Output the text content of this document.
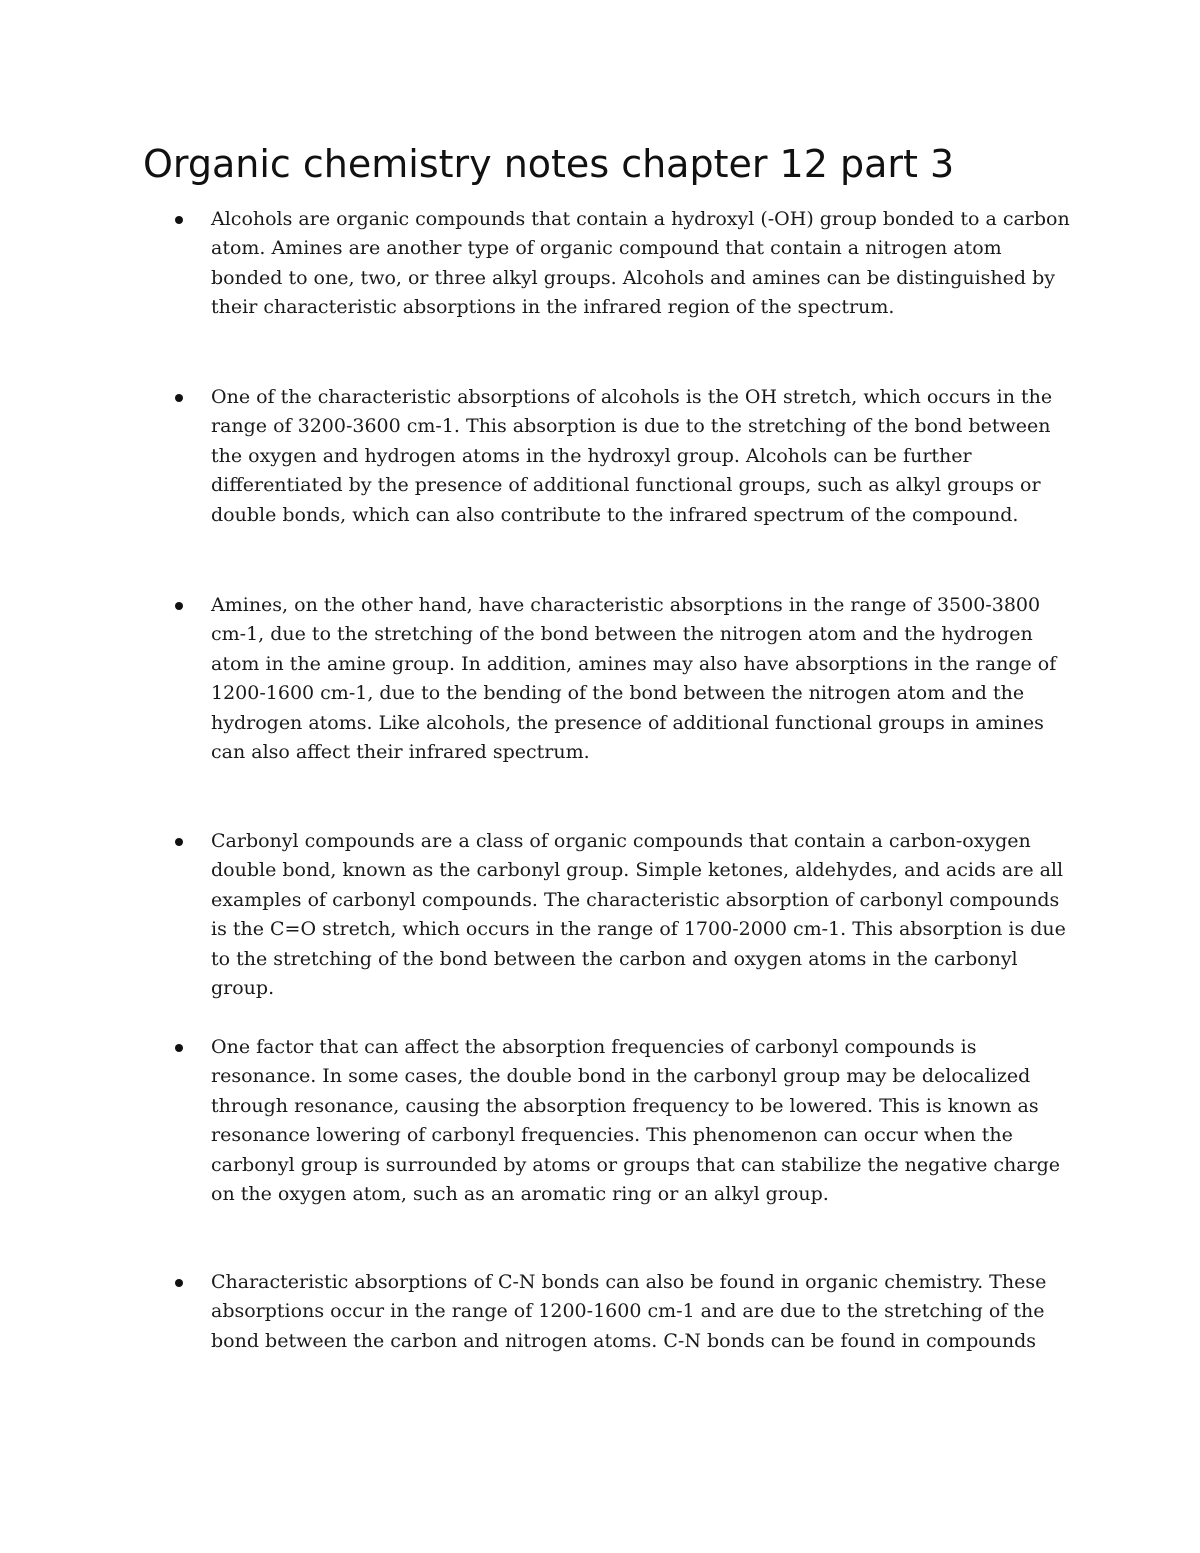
Organic chemistry notes chapter 12 part 3
Alcohols are organic compounds that contain a hydroxyl (-OH) group bonded to a carbon atom. Amines are another type of organic compound that contain a nitrogen atom bonded to one, two, or three alkyl groups. Alcohols and amines can be distinguished by their characteristic absorptions in the infrared region of the spectrum.
One of the characteristic absorptions of alcohols is the OH stretch, which occurs in the range of 3200-3600 cm-1. This absorption is due to the stretching of the bond between the oxygen and hydrogen atoms in the hydroxyl group. Alcohols can be further differentiated by the presence of additional functional groups, such as alkyl groups or double bonds, which can also contribute to the infrared spectrum of the compound.
Amines, on the other hand, have characteristic absorptions in the range of 3500-3800 cm-1, due to the stretching of the bond between the nitrogen atom and the hydrogen atom in the amine group. In addition, amines may also have absorptions in the range of 1200-1600 cm-1, due to the bending of the bond between the nitrogen atom and the hydrogen atoms. Like alcohols, the presence of additional functional groups in amines can also affect their infrared spectrum.
Carbonyl compounds are a class of organic compounds that contain a carbon-oxygen double bond, known as the carbonyl group. Simple ketones, aldehydes, and acids are all examples of carbonyl compounds. The characteristic absorption of carbonyl compounds is the C=O stretch, which occurs in the range of 1700-2000 cm-1. This absorption is due to the stretching of the bond between the carbon and oxygen atoms in the carbonyl group.
One factor that can affect the absorption frequencies of carbonyl compounds is resonance. In some cases, the double bond in the carbonyl group may be delocalized through resonance, causing the absorption frequency to be lowered. This is known as resonance lowering of carbonyl frequencies. This phenomenon can occur when the carbonyl group is surrounded by atoms or groups that can stabilize the negative charge on the oxygen atom, such as an aromatic ring or an alkyl group.
Characteristic absorptions of C-N bonds can also be found in organic chemistry. These absorptions occur in the range of 1200-1600 cm-1 and are due to the stretching of the bond between the carbon and nitrogen atoms. C-N bonds can be found in compounds
